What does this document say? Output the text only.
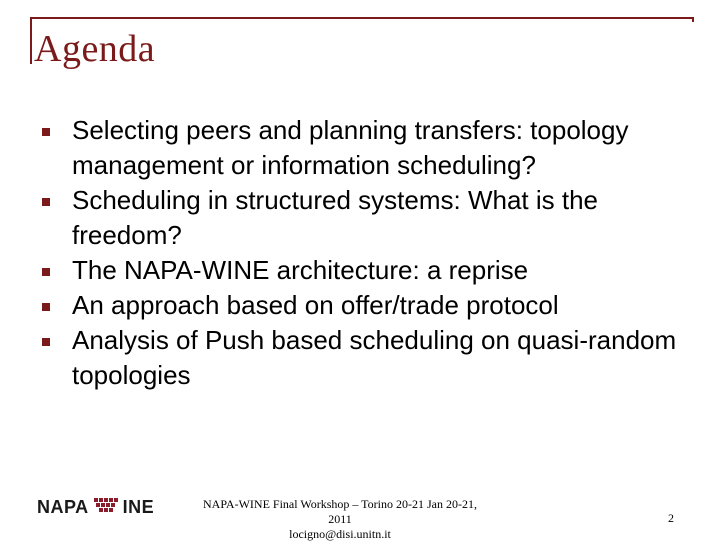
Agenda
Selecting peers and planning transfers: topology management or information scheduling?
Scheduling in structured systems: What is the freedom?
The NAPA-WINE architecture: a reprise
An approach based on offer/trade protocol
Analysis of Push based scheduling on quasi-random topologies
NAPA INE	NAPA-WINE Final Workshop – Torino 20-21 Jan 20-21, 2011
locigno@disi.unitn.it
2
